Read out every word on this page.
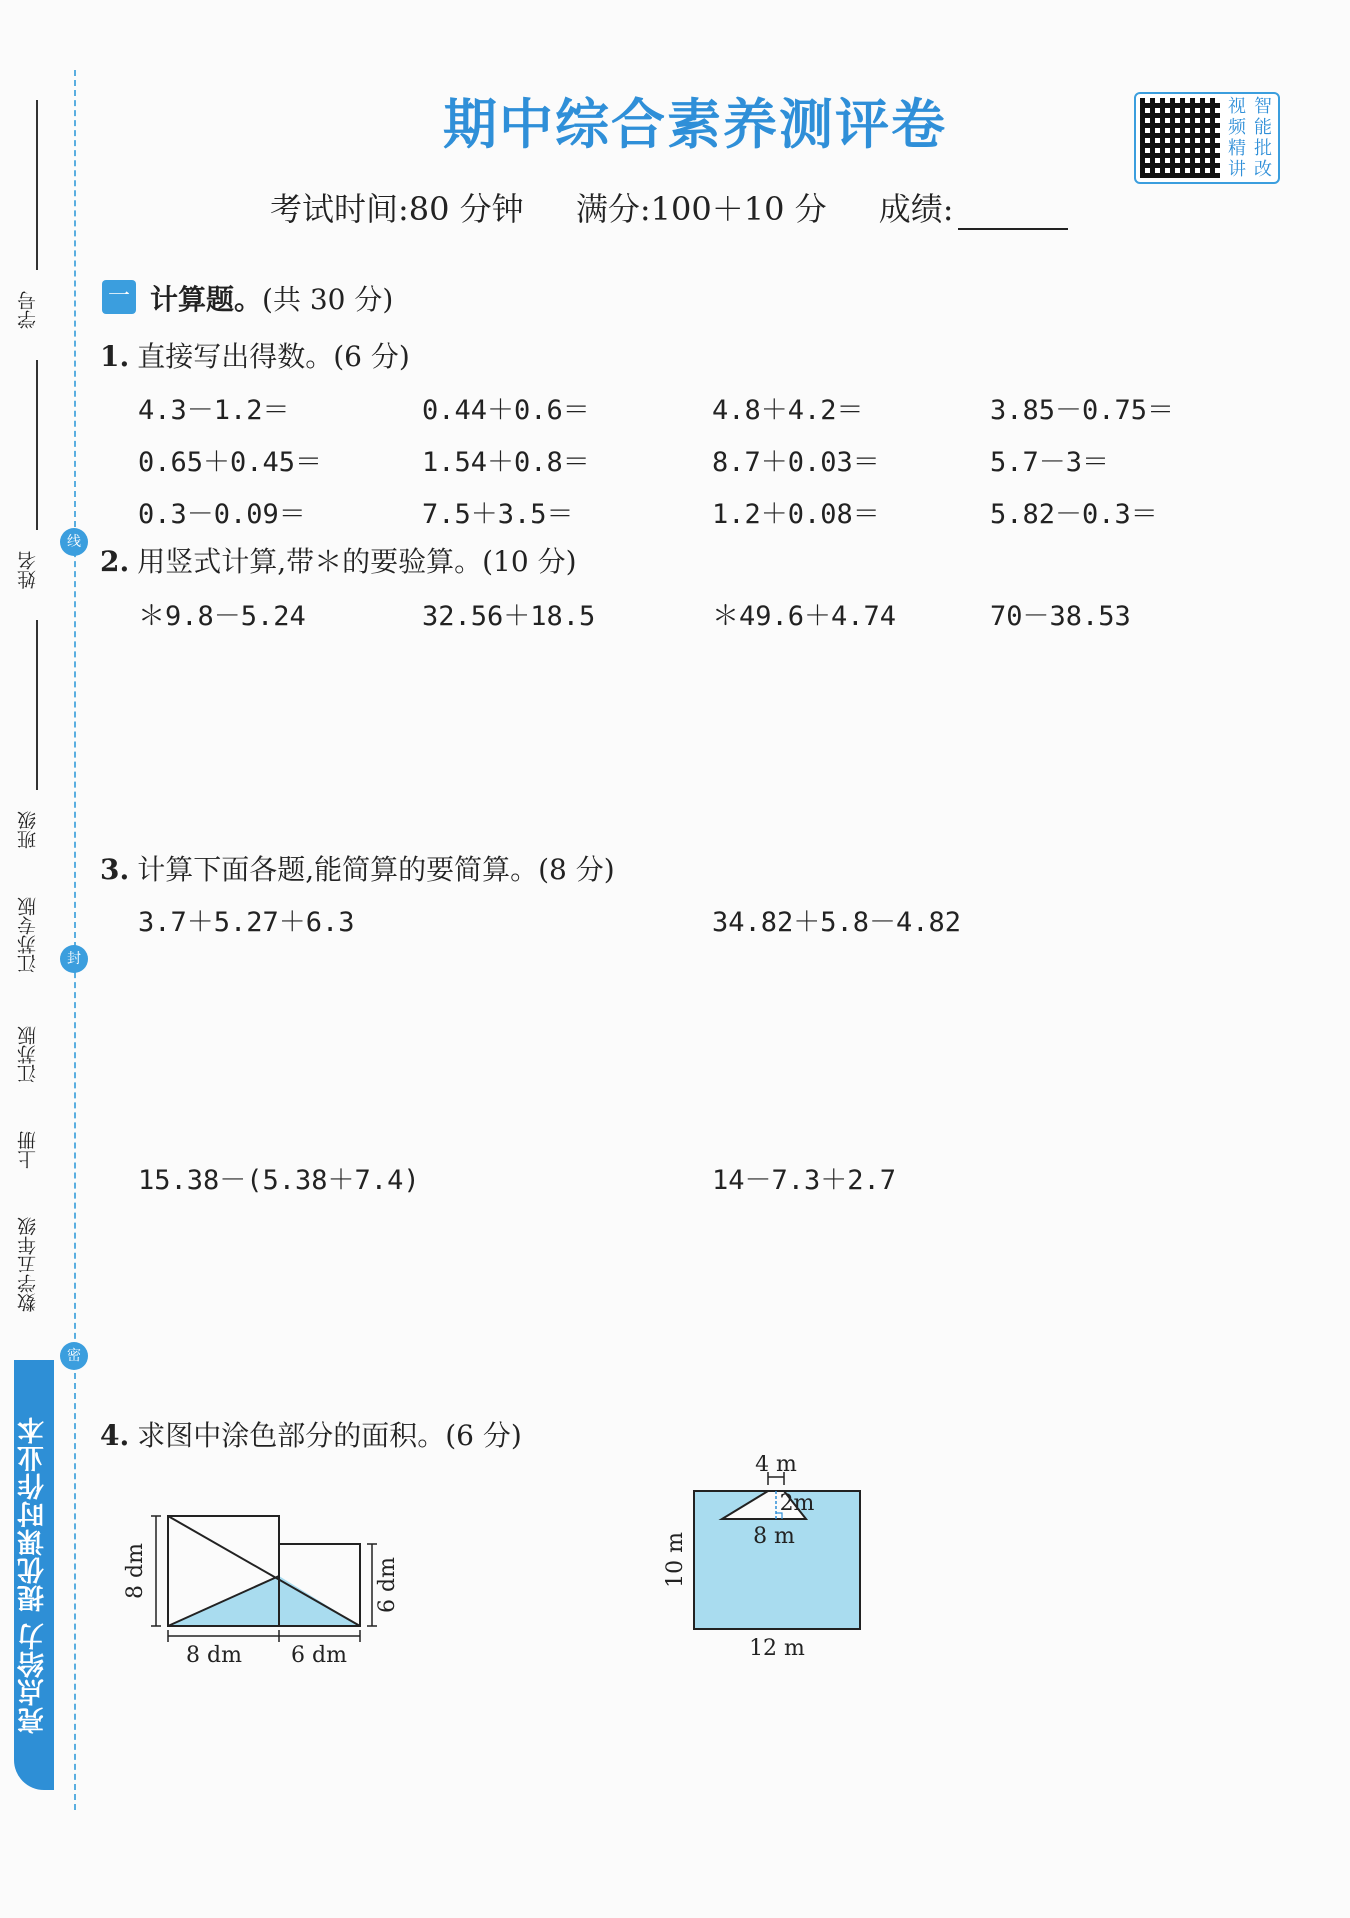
学号
姓名
班级
江苏专版
江苏版
上册
数学五年级
线
封
密
亮点给力 提优课时作业本
期中综合素养测评卷
考试时间:80 分钟 满分:100＋10 分 成绩:
视 智
频 能
精 批
讲 改
一 计算题。(共 30 分)
1. 直接写出得数。(6 分)
4.3－1.2＝	0.44＋0.6＝	4.8＋4.2＝	3.85－0.75＝
0.65＋0.45＝	1.54＋0.8＝	8.7＋0.03＝	5.7－3＝
0.3－0.09＝	7.5＋3.5＝	1.2＋0.08＝	5.82－0.3＝
2. 用竖式计算,带＊的要验算。(10 分)
＊9.8－5.24	32.56＋18.5	＊49.6＋4.74	70－38.53
3. 计算下面各题,能简算的要简算。(8 分)
3.7＋5.27＋6.3	34.82＋5.8－4.82
15.38－(5.38＋7.4)	14－7.3＋2.7
4. 求图中涂色部分的面积。(6 分)
8 dm	6 dm
8 dm 6 dm
4 m
2m
8 m
10 m
12 m
